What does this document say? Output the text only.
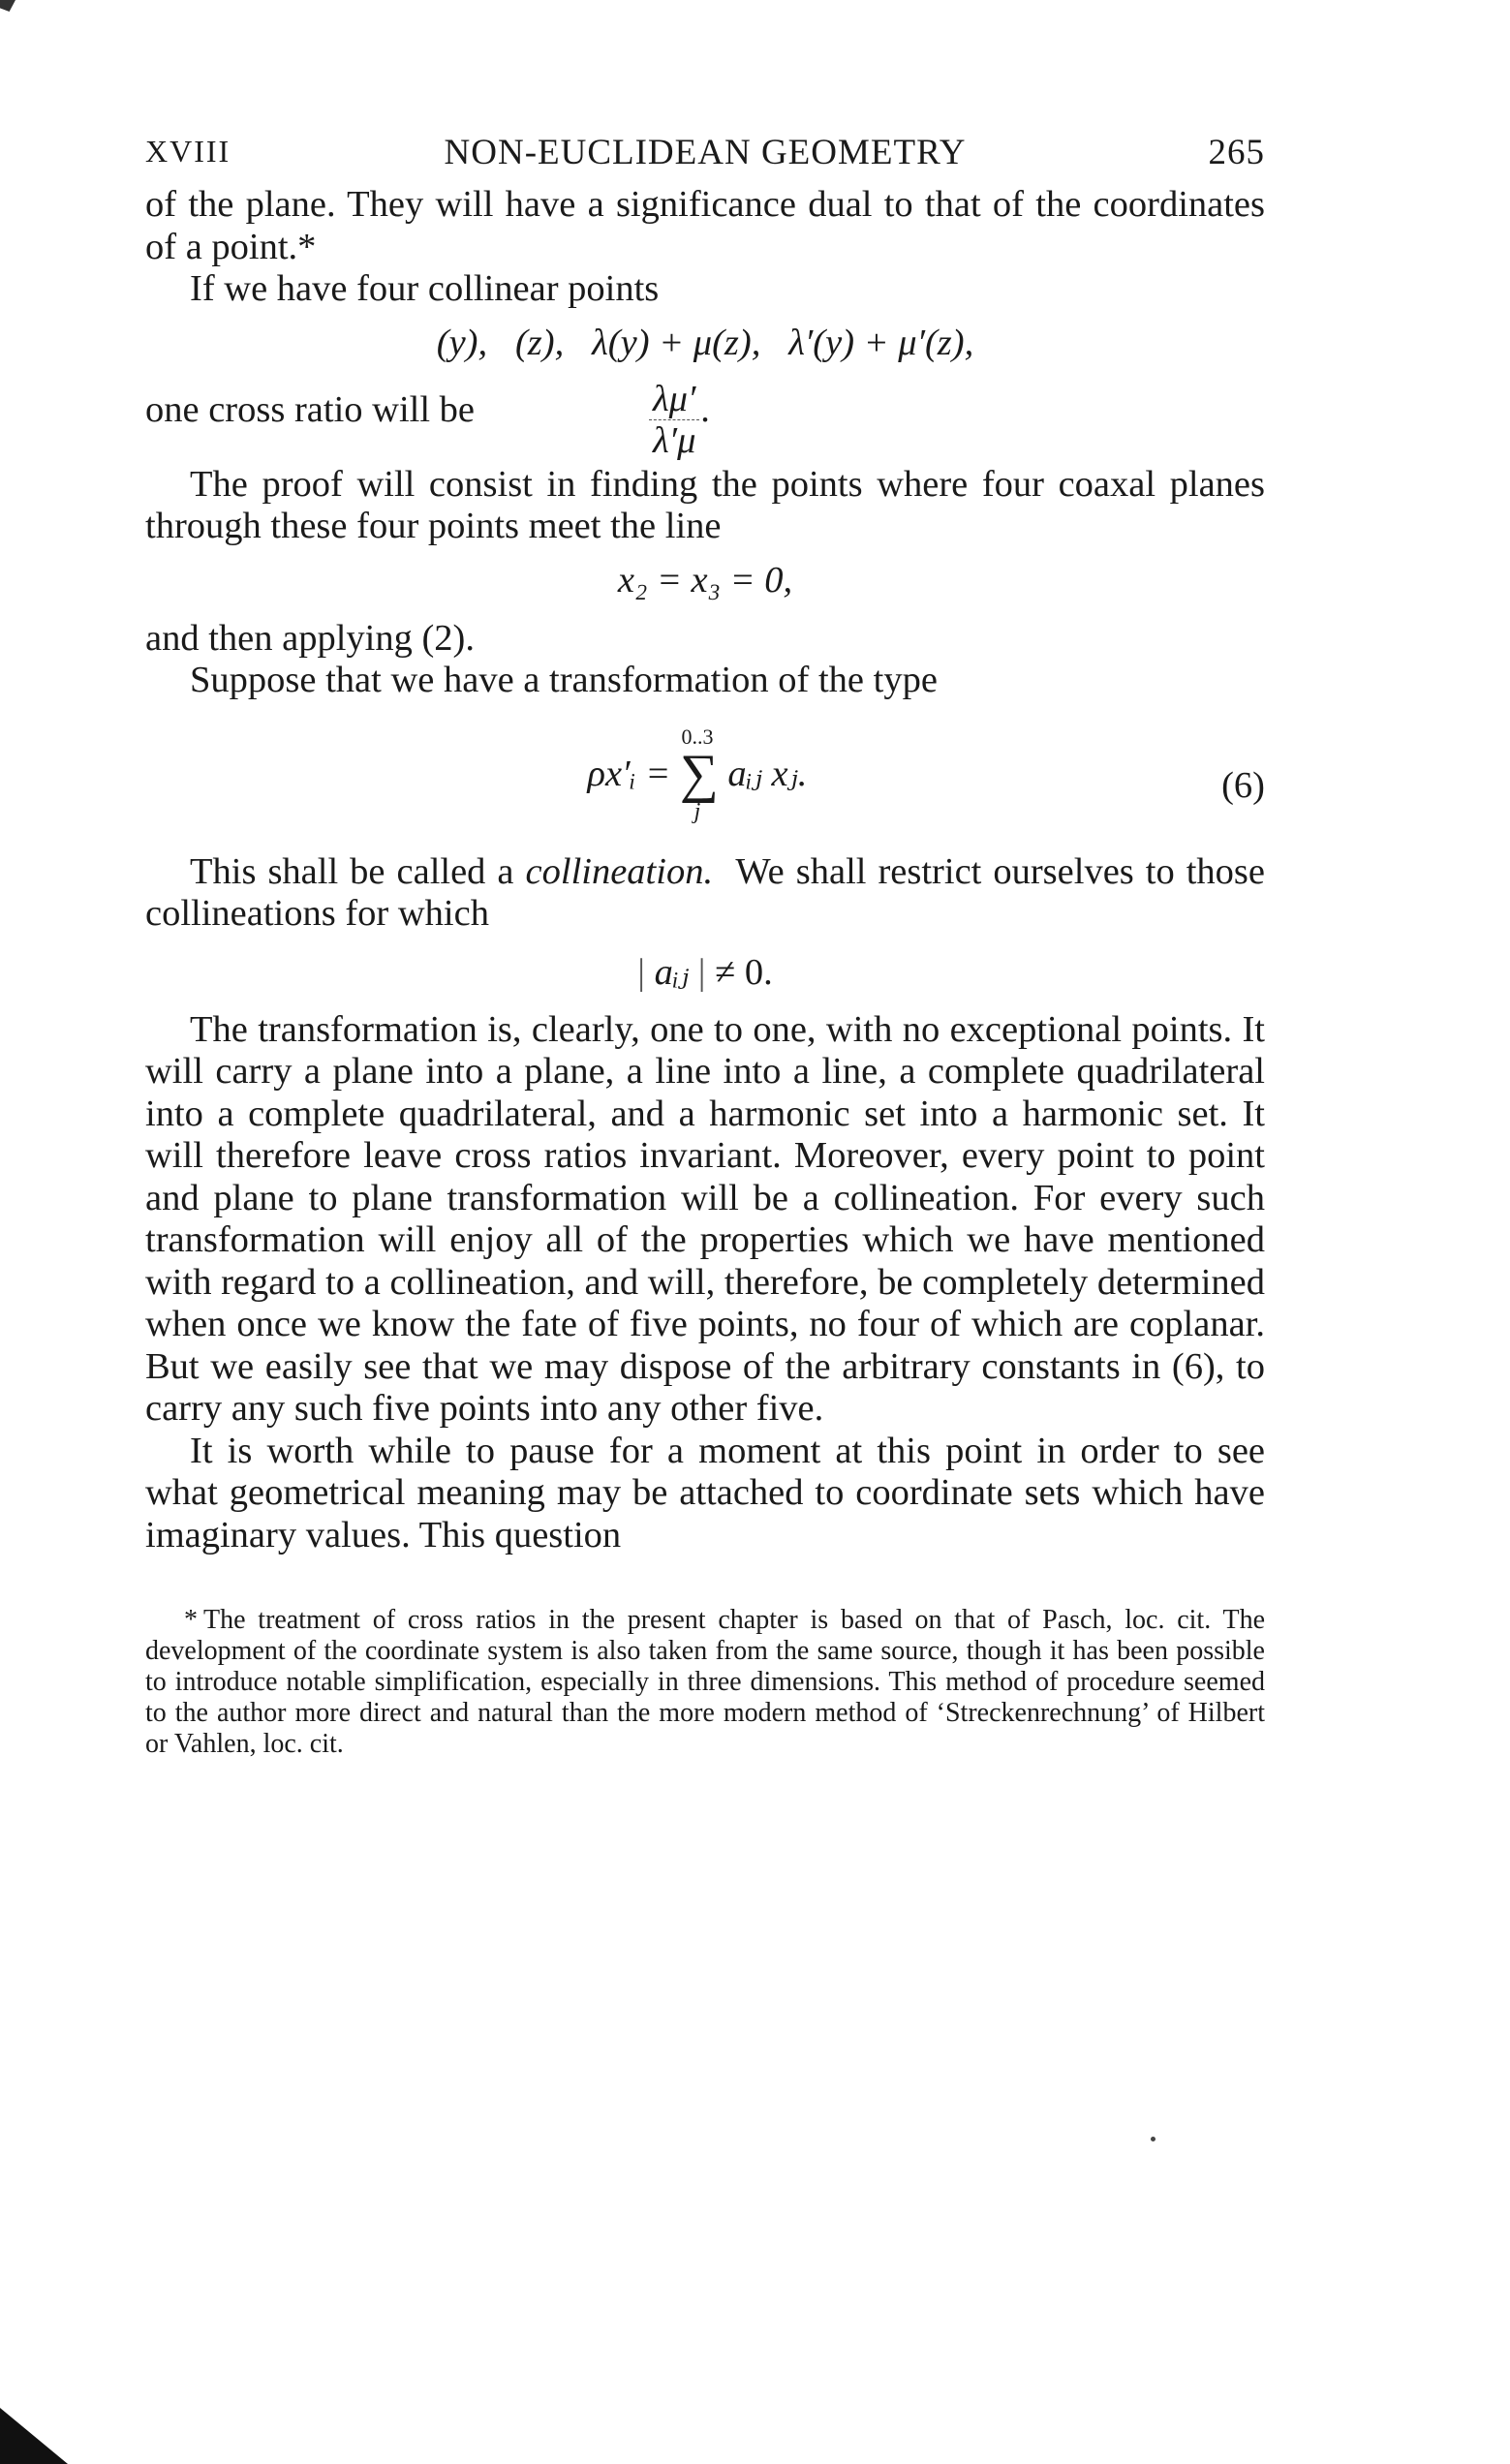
XVIII	NON-EUCLIDEAN GEOMETRY	265

of the plane. They will have a significance dual to that of the coordinates of a point.*

If we have four collinear points

(y),   (z),   λ(y) + μ(z),   λ′(y) + μ′(z),
one cross ratio will be	λμ′
λ′μ ·

The proof will consist in finding the points where four coaxal planes through these four points meet the line

x₂ = x₃ = 0,

and then applying (2).

Suppose that we have a transformation of the type

0..3
ρx′ᵢ = ∑ aᵢⱼ xⱼ.
j
(6)

This shall be called a collineation.  We shall restrict ourselves to those collineations for which

| aᵢⱼ | ≠ 0.

The transformation is, clearly, one to one, with no exceptional points. It will carry a plane into a plane, a line into a line, a complete quadrilateral into a complete quadrilateral, and a harmonic set into a harmonic set. It will therefore leave cross ratios invariant. Moreover, every point to point and plane to plane transformation will be a collineation. For every such transformation will enjoy all of the properties which we have mentioned with regard to a collineation, and will, therefore, be completely determined when once we know the fate of five points, no four of which are coplanar. But we easily see that we may dispose of the arbitrary constants in (6), to carry any such five points into any other five.

It is worth while to pause for a moment at this point in order to see what geometrical meaning may be attached to coordinate sets which have imaginary values. This question

* The treatment of cross ratios in the present chapter is based on that of Pasch, loc. cit. The development of the coordinate system is also taken from the same source, though it has been possible to introduce notable simplification, especially in three dimensions. This method of procedure seemed to the author more direct and natural than the more modern method of ‘Streckenrechnung’ of Hilbert or Vahlen, loc. cit.
